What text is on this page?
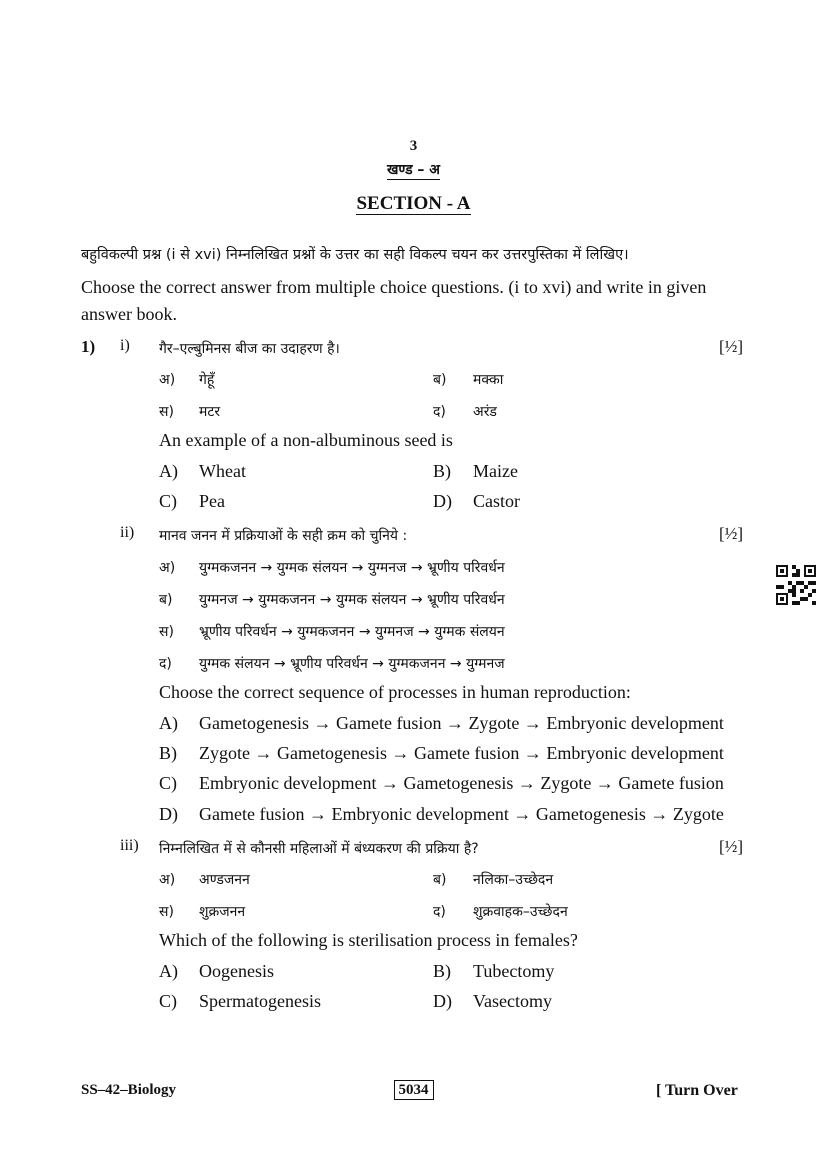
3
खण्ड – अ
SECTION - A
बहुविकल्पी प्रश्न (i से xvi) निम्नलिखित प्रश्नों के उत्तर का सही विकल्प चयन कर उत्तरपुस्तिका में लिखिए।
Choose the correct answer from multiple choice questions. (i to xvi) and write in given answer book.
1) i) गैर–एल्बुमिनस बीज का उदाहरण है।	[½]
अ) गेहूँ	ब) मक्का
स) मटर	द) अरंड
An example of a non-albuminous seed is
A) Wheat	B) Maize
C) Pea	D) Castor
ii) मानव जनन में प्रक्रियाओं के सही क्रम को चुनिये :	[½]
अ) युग्मकजनन → युग्मक संलयन → युग्मनज → भ्रूणीय परिवर्धन
ब) युग्मनज → युग्मकजनन → युग्मक संलयन → भ्रूणीय परिवर्धन
स) भ्रूणीय परिवर्धन → युग्मकजनन → युग्मनज → युग्मक संलयन
द) युग्मक संलयन → भ्रूणीय परिवर्धन → युग्मकजनन → युग्मनज
Choose the correct sequence of processes in human reproduction:
A) Gametogenesis → Gamete fusion → Zygote → Embryonic development
B) Zygote → Gametogenesis → Gamete fusion → Embryonic development
C) Embryonic development → Gametogenesis → Zygote → Gamete fusion
D) Gamete fusion → Embryonic development → Gametogenesis → Zygote
iii) निम्नलिखित में से कौनसी महिलाओं में बंध्यकरण की प्रक्रिया है?	[½]
अ) अण्डजनन	ब) नलिका–उच्छेदन
स) शुक्रजनन	द) शुक्रवाहक–उच्छेदन
Which of the following is sterilisation process in females?
A) Oogenesis	B) Tubectomy
C) Spermatogenesis	D) Vasectomy
SS–42–Biology	5034	[ Turn Over
